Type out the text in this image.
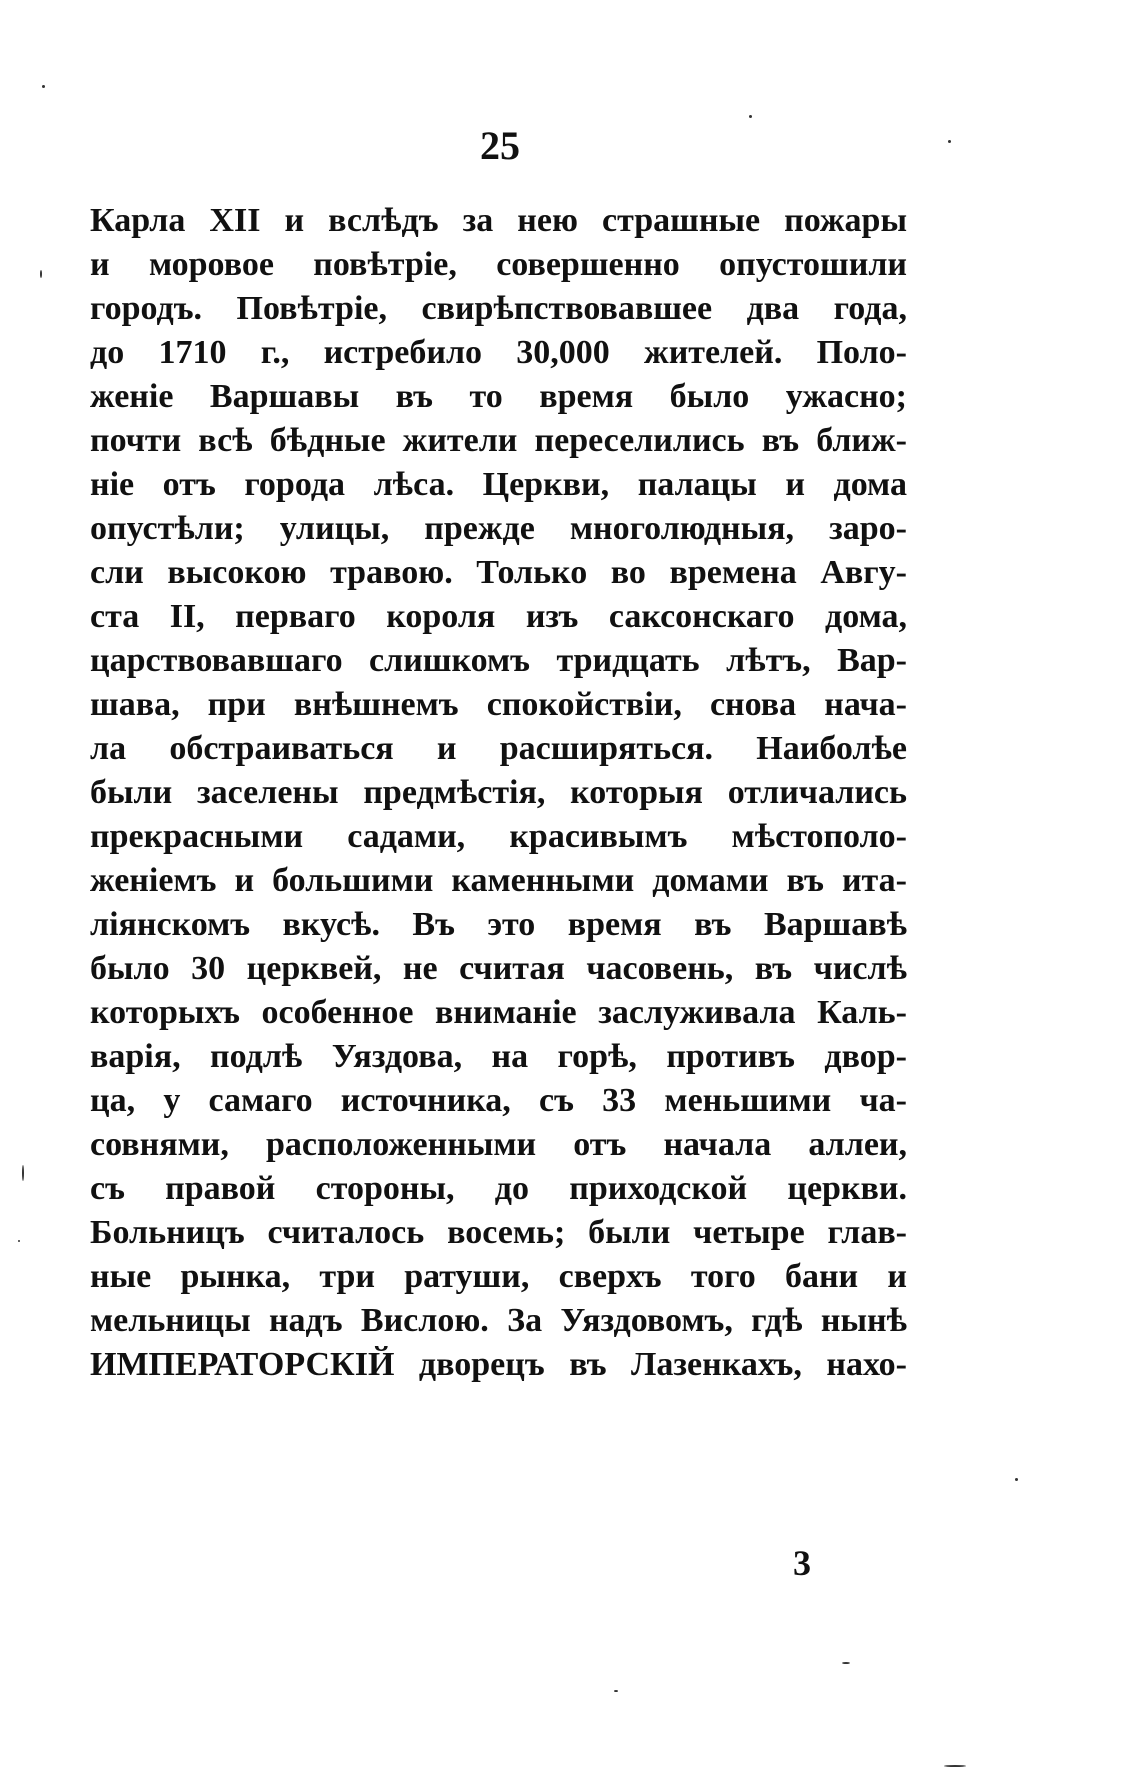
25
Карла XII и вслѣдъ за нею страшные пожары
и моровое повѣтріе, совершенно опустошили
городъ. Повѣтріе, свирѣпствовавшее два года,
до 1710 г., истребило 30,000 жителей. Поло-
женіе Варшавы въ то время было ужасно;
почти всѣ бѣдные жители переселились въ ближ-
ніе отъ города лѣса. Церкви, палацы и дома
опустѣли; улицы, прежде многолюдныя, заро-
сли высокою травою. Только во времена Авгу-
ста II, перваго короля изъ саксонскаго дома,
царствовавшаго слишкомъ тридцать лѣтъ, Вар-
шава, при внѣшнемъ спокойствіи, снова нача-
ла обстраиваться и расширяться. Наиболѣе
были заселены предмѣстія, которыя отличались
прекрасными садами, красивымъ мѣстополо-
женіемъ и большими каменными домами въ ита-
ліянскомъ вкусѣ. Въ это время въ Варшавѣ
было 30 церквей, не считая часовень, въ числѣ
которыхъ особенное вниманіе заслуживала Каль-
варія, подлѣ Уяздова, на горѣ, противъ двор-
ца, у самаго источника, съ 33 меньшими ча-
совнями, расположенными отъ начала аллеи,
съ правой стороны, до приходской церкви.
Больницъ считалось восемь; были четыре глав-
ные рынка, три ратуши, сверхъ того бани и
мельницы надъ Вислою. За Уяздовомъ, гдѣ нынѣ
ИМПЕРАТОРСКІЙ дворецъ въ Лазенкахъ, нахо-
3
